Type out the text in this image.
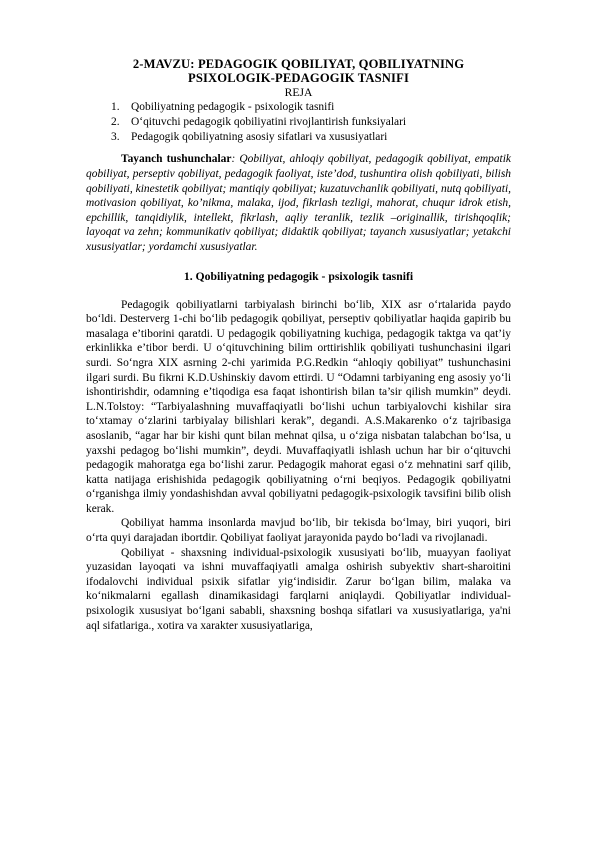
2-MAVZU: PEDAGOGIK QOBILIYAT, QOBILIYATNING
PSIXOLOGIK-PEDAGOGIK TASNIFI

REJA

1. Qobiliyatning pedagogik - psixologik tasnifi
2. O‘qituvchi pedagogik qobiliyatini rivojlantirish funksiyalari
3. Pedagogik qobiliyatning asosiy sifatlari va xususiyatlari

Tayanch tushunchalar: Qobiliyat, ahloqiy qobiliyat, pedagogik qobiliyat, empatik qobiliyat, perseptiv qobiliyat, pedagogik faoliyat, iste’dod, tushuntira olish qobiliyati, bilish qobiliyati, kinestetik qobiliyat; mantiqiy qobiliyat; kuzatuvchanlik qobiliyati, nutq qobiliyati, motivasion qobiliyat, ko’nikma, malaka, ijod, fikrlash tezligi, mahorat, chuqur idrok etish, epchillik, tanqidiylik, intellekt, fikrlash, aqliy teranlik, tezlik –originallik, tirishqoqlik; layoqat va zehn; kommunikativ qobiliyat; didaktik qobiliyat; tayanch xususiyatlar; yetakchi xususiyatlar; yordamchi xususiyatlar.

1. Qobiliyatning pedagogik - psixologik tasnifi

Pedagogik qobiliyatlarni tarbiyalash birinchi bo‘lib, XIX asr o‘rtalarida paydo bo‘ldi. Desterverg 1-chi bo‘lib pedagogik qobiliyat, perseptiv qobiliyatlar haqida gapirib bu masalaga e’tiborini qaratdi. U pedagogik qobiliyatning kuchiga, pedagogik taktga va qat’iy erkinlikka e’tibor berdi. U o‘qituvchining bilim orttirishlik qobiliyati tushunchasini ilgari surdi. So‘ngra XIX asrning 2-chi yarimida P.G.Redkin “ahloqiy qobiliyat” tushunchasini ilgari surdi. Bu fikrni K.D.Ushinskiy davom ettirdi. U “Odamni tarbiyaning eng asosiy yo‘li ishontirishdir, odamning e’tiqodiga esa faqat ishontirish bilan ta’sir qilish mumkin” deydi. L.N.Tolstoy: “Tarbiyalashning muvaffaqiyatli bo‘lishi uchun tarbiyalovchi kishilar sira to‘xtamay o‘zlarini tarbiyalay bilishlari kerak”, degandi. A.S.Makarenko o‘z tajribasiga asoslanib, “agar har bir kishi qunt bilan mehnat qilsa, u o‘ziga nisbatan talabchan bo‘lsa, u yaxshi pedagog bo‘lishi mumkin”, deydi. Muvaffaqiyatli ishlash uchun har bir o‘qituvchi pedagogik mahoratga ega bo‘lishi zarur. Pedagogik mahorat egasi o‘z mehnatini sarf qilib, katta natijaga erishishida pedagogik qobiliyatning o‘rni beqiyos. Pedagogik qobiliyatni o‘rganishga ilmiy yondashishdan avval qobiliyatni pedagogik-psixologik tavsifini bilib olish kerak.

Qobiliyat hamma insonlarda mavjud bo‘lib, bir tekisda bo‘lmay, biri yuqori, biri o‘rta quyi darajadan ibortdir. Qobiliyat faoliyat jarayonida paydo bo‘ladi va rivojlanadi.

Qobiliyat - shaxsning individual-psixologik xususiyati bo‘lib, muayyan faoliyat yuzasidan layoqati va ishni muvaffaqiyatli amalga oshirish subyektiv shart-sharoitini ifodalovchi individual psixik sifatlar yig‘indisidir. Zarur bo‘lgan bilim, malaka va ko‘nikmalarni egallash dinamikasidagi farqlarni aniqlaydi. Qobiliyatlar individual-psixologik xususiyat bo‘lgani sababli, shaxsning boshqa sifatlari va xususiyatlariga, ya'ni aql sifatlariga., xotira va xarakter xususiyatlariga,
